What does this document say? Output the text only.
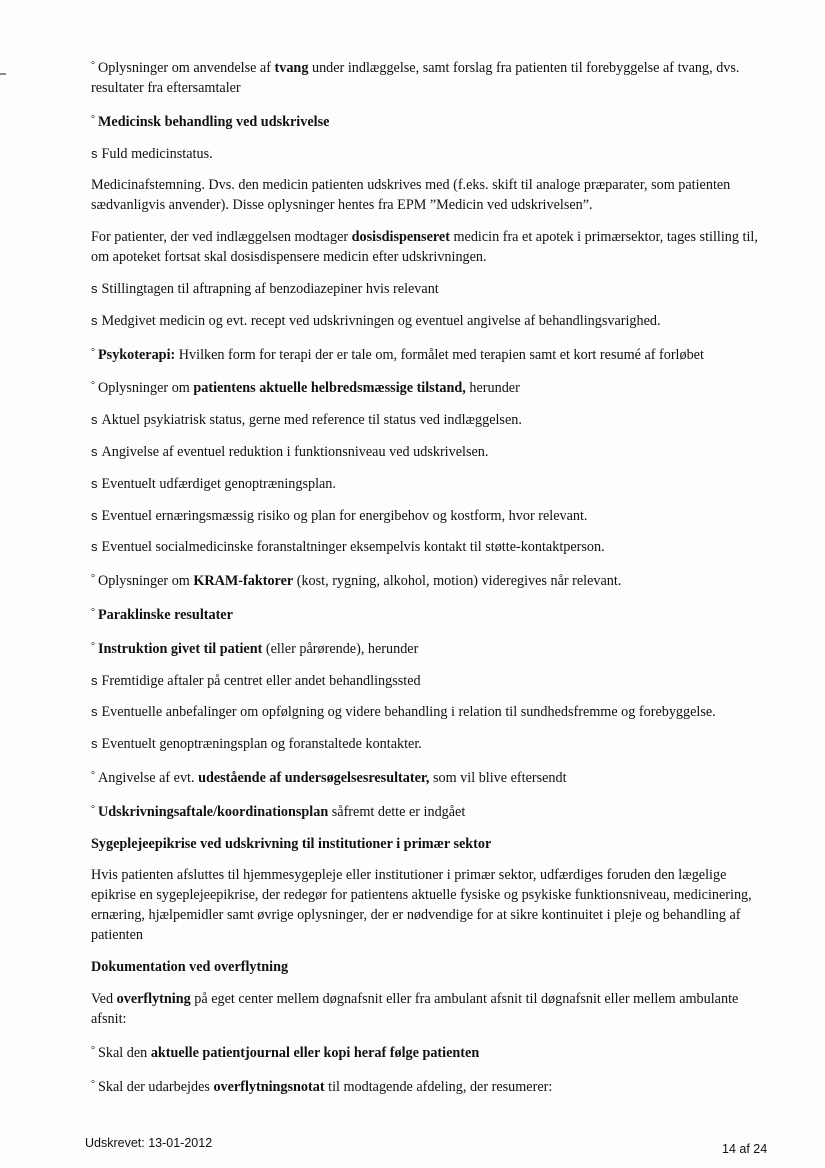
° Oplysninger om anvendelse af tvang under indlæggelse, samt forslag fra patienten til forebyggelse af tvang, dvs. resultater fra eftersamtaler
° Medicinsk behandling ved udskrivelse
s Fuld medicinstatus.
Medicinafstemning. Dvs. den medicin patienten udskrives med (f.eks. skift til analoge præparater, som patienten sædvanligvis anvender). Disse oplysninger hentes fra EPM ”Medicin ved udskrivelsen”.
For patienter, der ved indlæggelsen modtager dosisdispenseret medicin fra et apotek i primærsektor, tages stilling til, om apoteket fortsat skal dosisdispensere medicin efter udskrivningen.
s Stillingtagen til aftrapning af benzodiazepiner hvis relevant
s Medgivet medicin og evt. recept ved udskrivningen og eventuel angivelse af behandlingsvarighed.
° Psykoterapi: Hvilken form for terapi der er tale om, formålet med terapien samt et kort resumé af forløbet
° Oplysninger om patientens aktuelle helbredsmæssige tilstand, herunder
s Aktuel psykiatrisk status, gerne med reference til status ved indlæggelsen.
s Angivelse af eventuel reduktion i funktionsniveau ved udskrivelsen.
s Eventuelt udfærdiget genoptræningsplan.
s Eventuel ernæringsmæssig risiko og plan for energibehov og kostform, hvor relevant.
s Eventuel socialmedicinske foranstaltninger eksempelvis kontakt til støtte-kontaktperson.
° Oplysninger om KRAM-faktorer (kost, rygning, alkohol, motion) videregives når relevant.
° Paraklinske resultater
° Instruktion givet til patient (eller pårørende), herunder
s Fremtidige aftaler på centret eller andet behandlingssted
s Eventuelle anbefalinger om opfølgning og videre behandling i relation til sundhedsfremme og forebyggelse.
s Eventuelt genoptræningsplan og foranstaltede kontakter.
° Angivelse af evt. udestående af undersøgelsesresultater, som vil blive eftersendt
° Udskrivningsaftale/koordinationsplan såfremt dette er indgået
Sygeplejeepikrise ved udskrivning til institutioner i primær sektor
Hvis patienten afsluttes til hjemmesygepleje eller institutioner i primær sektor, udfærdiges foruden den lægelige epikrise en sygeplejeepikrise, der redegør for patientens aktuelle fysiske og psykiske funktionsniveau, medicinering, ernæring, hjælpemidler samt øvrige oplysninger, der er nødvendige for at sikre kontinuitet i pleje og behandling af patienten
Dokumentation ved overflytning
Ved overflytning på eget center mellem døgnafsnit eller fra ambulant afsnit til døgnafsnit eller mellem ambulante afsnit:
° Skal den aktuelle patientjournal eller kopi heraf følge patienten
° Skal der udarbejdes overflytningsnotat til modtagende afdeling, der resumerer:
Udskrevet: 13-01-2012	14 af 24
